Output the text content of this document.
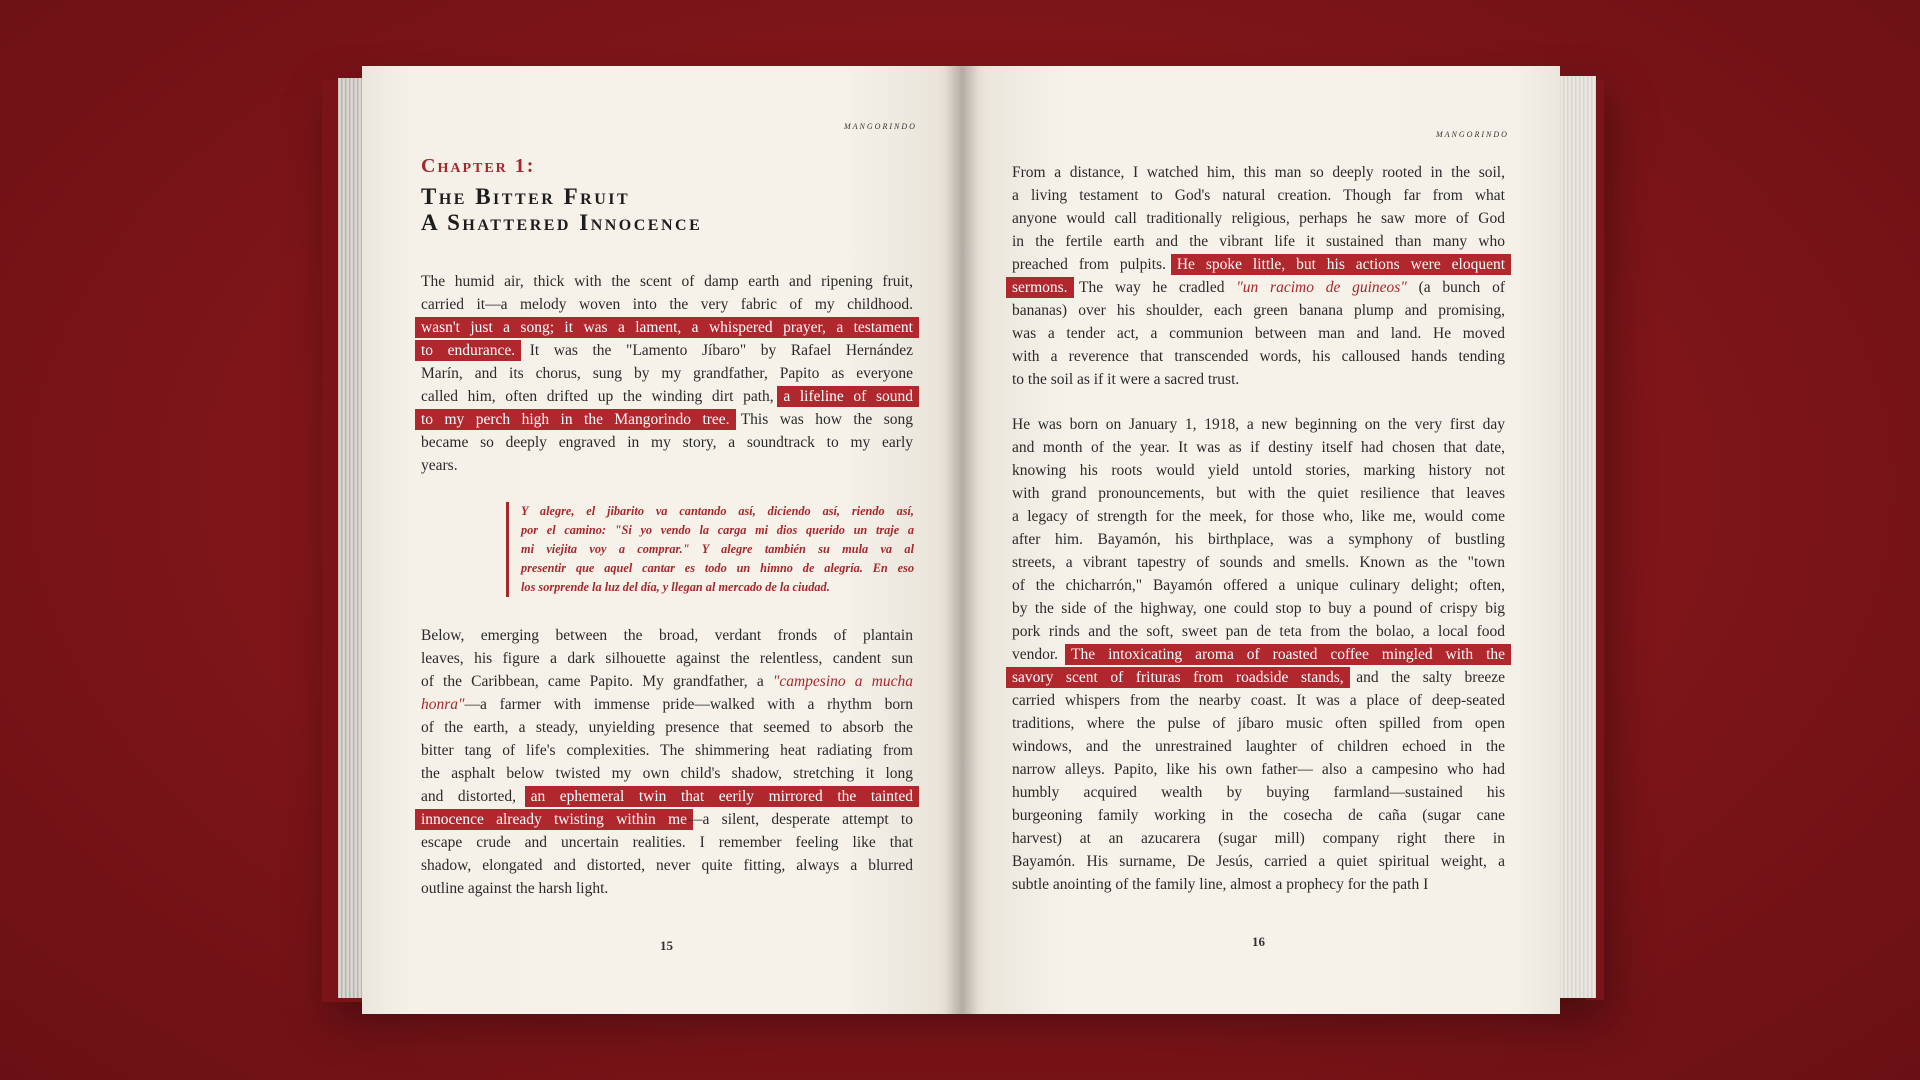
MANGORINDO
Chapter 1:
The Bitter Fruit
A Shattered Innocence
The humid air, thick with the scent of damp earth and ripening fruit,
carried it—a melody woven into the very fabric of my childhood.
wasn't just a song; it was a lament, a whispered prayer, a testament
to endurance. It was the "Lamento Jíbaro" by Rafael Hernández
Marín, and its chorus, sung by my grandfather, Papito as everyone
called him, often drifted up the winding dirt path, a lifeline of sound
to my perch high in the Mangorindo tree. This was how the song
became so deeply engraved in my story, a soundtrack to my early
years.
Y alegre, el jibarito va cantando así, diciendo así, riendo así,
por el camino: "Si yo vendo la carga mi dios querido un traje a
mi viejita voy a comprar." Y alegre también su mula va al
presentir que aquel cantar es todo un himno de alegría. En eso
los sorprende la luz del día, y llegan al mercado de la ciudad.
Below, emerging between the broad, verdant fronds of plantain
leaves, his figure a dark silhouette against the relentless, candent sun
of the Caribbean, came Papito. My grandfather, a "campesino a mucha
honra"—a farmer with immense pride—walked with a rhythm born
of the earth, a steady, unyielding presence that seemed to absorb the
bitter tang of life's complexities. The shimmering heat radiating from
the asphalt below twisted my own child's shadow, stretching it long
and distorted, an ephemeral twin that eerily mirrored the tainted
innocence already twisting within me—a silent, desperate attempt to
escape crude and uncertain realities. I remember feeling like that
shadow, elongated and distorted, never quite fitting, always a blurred
outline against the harsh light.
15
MANGORINDO
From a distance, I watched him, this man so deeply rooted in the soil,
a living testament to God's natural creation. Though far from what
anyone would call traditionally religious, perhaps he saw more of God
in the fertile earth and the vibrant life it sustained than many who
preached from pulpits. He spoke little, but his actions were eloquent
sermons. The way he cradled "un racimo de guineos" (a bunch of
bananas) over his shoulder, each green banana plump and promising,
was a tender act, a communion between man and land. He moved
with a reverence that transcended words, his calloused hands tending
to the soil as if it were a sacred trust.
He was born on January 1, 1918, a new beginning on the very first day
and month of the year. It was as if destiny itself had chosen that date,
knowing his roots would yield untold stories, marking history not
with grand pronouncements, but with the quiet resilience that leaves
a legacy of strength for the meek, for those who, like me, would come
after him. Bayamón, his birthplace, was a symphony of bustling
streets, a vibrant tapestry of sounds and smells. Known as the "town
of the chicharrón," Bayamón offered a unique culinary delight; often,
by the side of the highway, one could stop to buy a pound of crispy big
pork rinds and the soft, sweet pan de teta from the bolao, a local food
vendor. The intoxicating aroma of roasted coffee mingled with the
savory scent of frituras from roadside stands, and the salty breeze
carried whispers from the nearby coast. It was a place of deep-seated
traditions, where the pulse of jíbaro music often spilled from open
windows, and the unrestrained laughter of children echoed in the
narrow alleys. Papito, like his own father— also a campesino who had
humbly acquired wealth by buying farmland—sustained his
burgeoning family working in the cosecha de caña (sugar cane
harvest) at an azucarera (sugar mill) company right there in
Bayamón. His surname, De Jesús, carried a quiet spiritual weight, a
subtle anointing of the family line, almost a prophecy for the path I
16
